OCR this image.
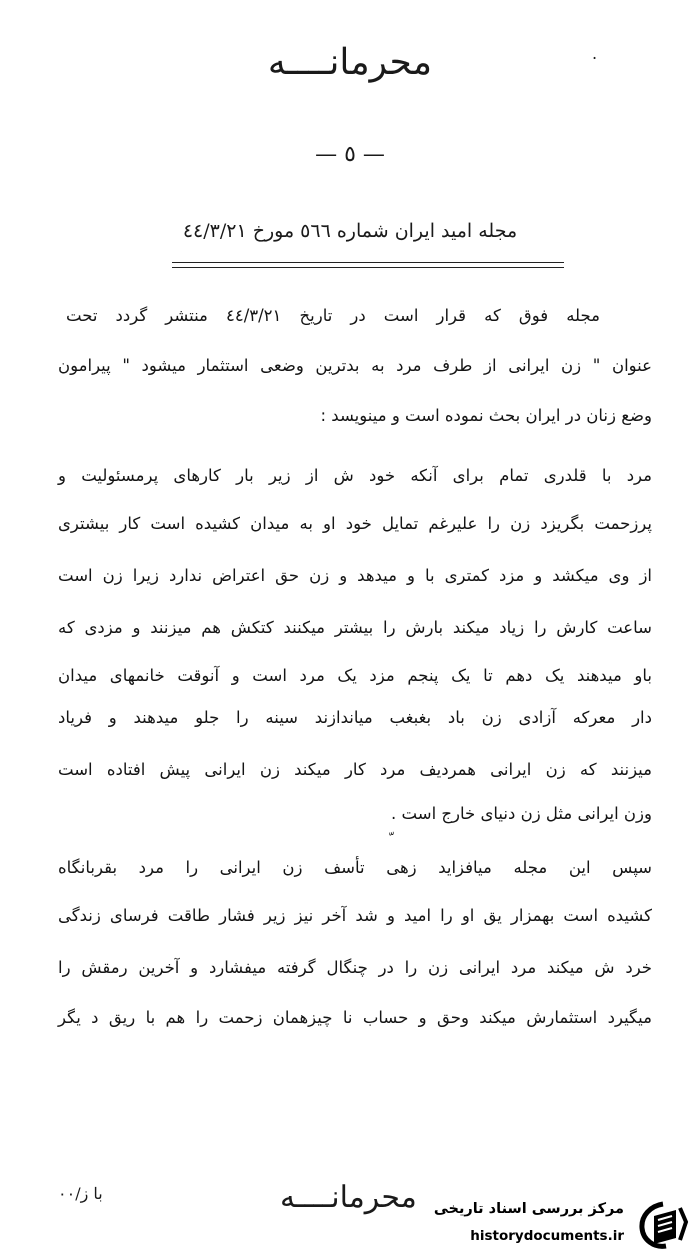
.
محرمانــــه
— ٥ —
مجله امید ایران شماره ٥٦٦ مورخ ٤٤/٣/٢١
مجله فوق که قرار است در تاریخ ٤٤/٣/٢١ منتشر گردد تحت
عنوان " زن ایرانی از طرف مرد به بدترین وضعی استثمار میشود " پیرامون
وضع زنان در ایران بحث نموده است و مینویسد :
مرد با قلدری تمام برای آنکه خود ش از زیر بار کارهای پرمسئولیت و
پرزحمت بگریزد زن را علیرغم تمایل خود او به میدان کشیده است کار بیشتری
از وی میکشد و مزد کمتری با و میدهد و زن حق اعتراض ندارد زیرا زن است
ساعت کارش را زیاد میکند بارش را بیشتر میکنند کتکش هم میزنند و مزدی که
باو میدهند یک دهم تا یک پنجم مزد یک مرد است و آنوقت خانمهای میدان
دار معرکه آزادی زن باد بغبغب میاندازند سینه را جلو میدهند و فریاد
میزنند که زن ایرانی همردیف مرد کار میکند زن ایرانی پیش افتاده است
وزن ایرانی مثل زن دنیای خارج است .
سپس این مجله میافزاید زهی تأسف زن ایرانی را مرد بقربانگاه
کشیده است بهمزار یق او را امید و شد آخر نیز زیر فشار طاقت فرسای زندگی
خرد ش میکند مرد ایرانی زن را در چنگال گرفته میفشارد و آخرین رمقش را
میگیرد استثمارش میکند وحق و حساب نا چیزهمان زحمت را هم با ریق د یگر
با ز/٠٠	محرمانــــه مرکز بررسی اسناد تاریخی
historydocuments.ir
